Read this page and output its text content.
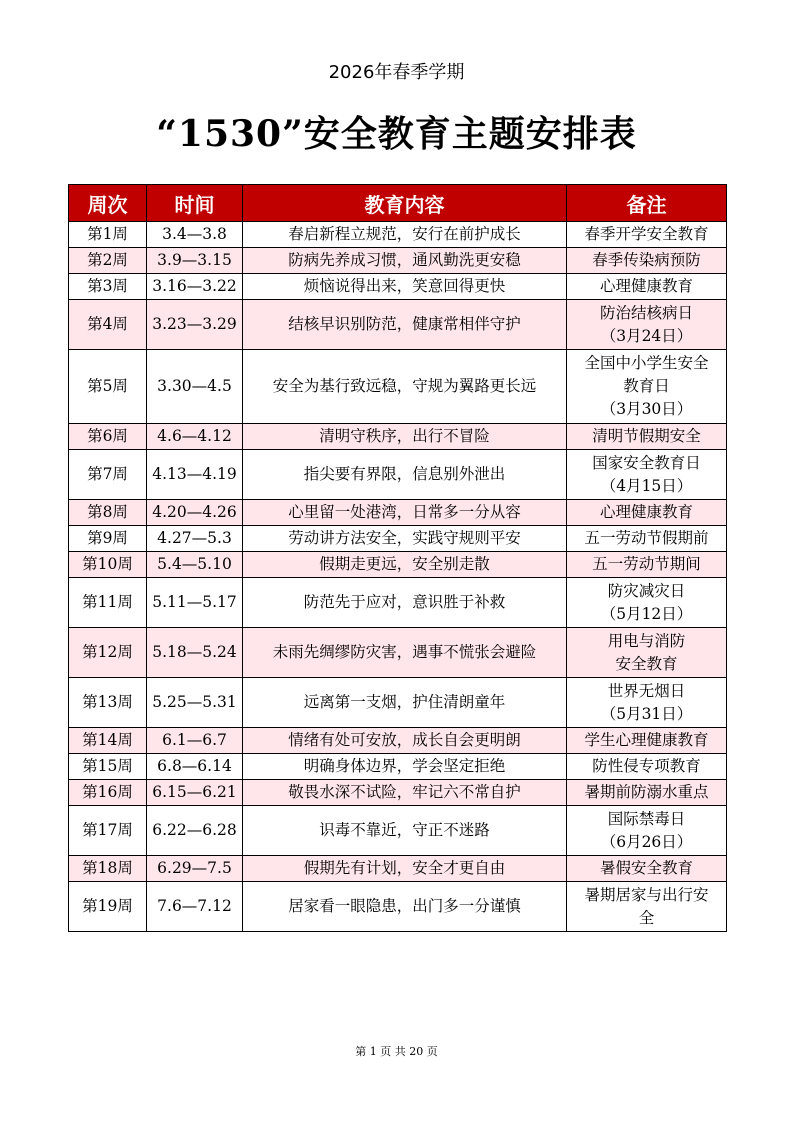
2026年春季学期
“1530”安全教育主题安排表
周次	时间	教育内容	备注
第1周	3.4—3.8	春启新程立规范，安行在前护成长	春季开学安全教育

第2周	3.9—3.15	防病先养成习惯，通风勤洗更安稳	春季传染病预防

第3周	3.16—3.22	烦恼说得出来，笑意回得更快	心理健康教育

第4周	3.23—3.29	结核早识别防范，健康常相伴守护	防治结核病日
（3月24日）

第5周	3.30—4.5	安全为基行致远稳，守规为翼路更长远	全国中小学生安全
教育日
（3月30日）

第6周	4.6—4.12	清明守秩序，出行不冒险	清明节假期安全

第7周	4.13—4.19	指尖要有界限，信息别外泄出	国家安全教育日
（4月15日）

第8周	4.20—4.26	心里留一处港湾，日常多一分从容	心理健康教育

第9周	4.27—5.3	劳动讲方法安全，实践守规则平安	五一劳动节假期前

第10周	5.4—5.10	假期走更远，安全别走散	五一劳动节期间

第11周	5.11—5.17	防范先于应对，意识胜于补救	防灾减灾日
（5月12日）

第12周	5.18—5.24	未雨先绸缪防灾害，遇事不慌张会避险	用电与消防
安全教育

第13周	5.25—5.31	远离第一支烟，护住清朗童年	世界无烟日
（5月31日）

第14周	6.1—6.7	情绪有处可安放，成长自会更明朗	学生心理健康教育

第15周	6.8—6.14	明确身体边界，学会坚定拒绝	防性侵专项教育

第16周	6.15—6.21	敬畏水深不试险，牢记六不常自护	暑期前防溺水重点

第17周	6.22—6.28	识毒不靠近，守正不迷路	国际禁毒日
（6月26日）

第18周	6.29—7.5	假期先有计划，安全才更自由	暑假安全教育

第19周	7.6—7.12	居家看一眼隐患，出门多一分谨慎	暑期居家与出行安
全
第 1 页 共 20 页
